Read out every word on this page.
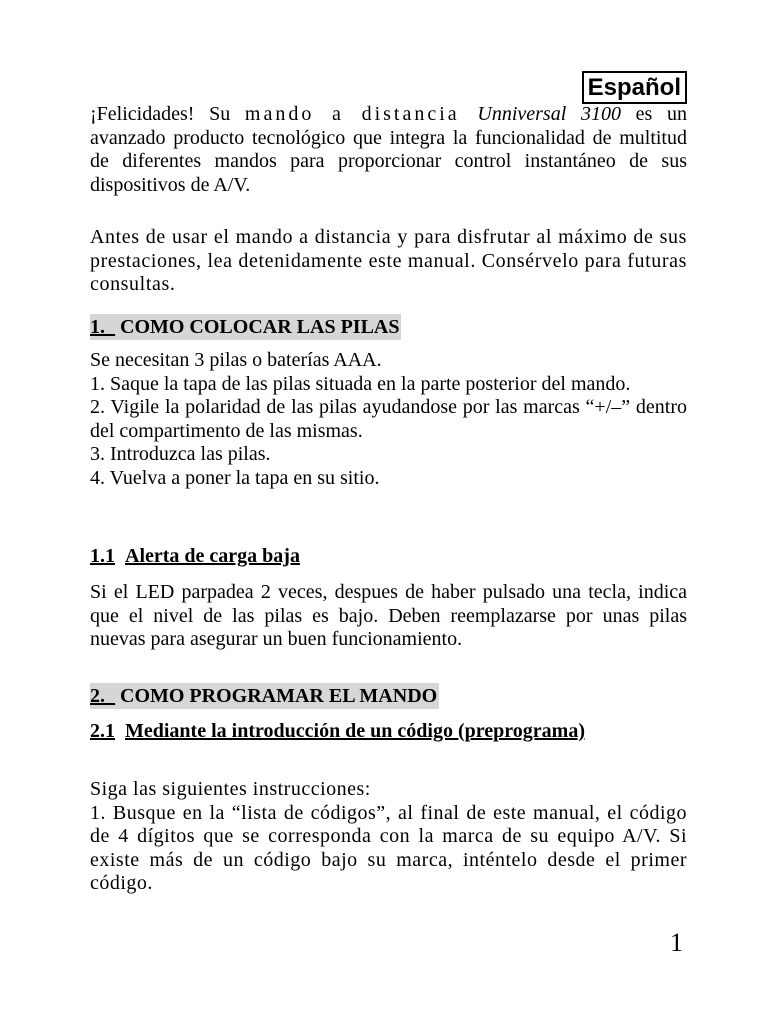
Español

¡Felicidades! Su mando a distancia Unniversal 3100 es un avanzado producto tecnológico que integra la funcionalidad de multitud de diferentes mandos para proporcionar control instantáneo de sus dispositivos de A/V.

Antes de usar el mando a distancia y para disfrutar al máximo de sus prestaciones, lea detenidamente este manual. Consérvelo para futuras consultas.

1._ COMO COLOCAR LAS PILAS

Se necesitan 3 pilas o baterías AAA.

1. Saque la tapa de las pilas situada en la parte posterior del mando.

2. Vigile la polaridad de las pilas ayudandose por las marcas “+/–” dentro del compartimento de las mismas.

3. Introduzca las pilas.

4. Vuelva a poner la tapa en su sitio.

1.1 Alerta de carga baja

Si el LED parpadea 2 veces, despues de haber pulsado una tecla, indica que el nivel de las pilas es bajo. Deben reemplazarse por unas pilas nuevas para asegurar un buen funcionamiento.

2._ COMO PROGRAMAR EL MANDO
2.1 Mediante la introducción de un código (preprograma)

Siga las siguientes instrucciones:

1. Busque en la “lista de códigos”, al final de este manual, el código de 4 dígitos que se corresponda con la marca de su equipo A/V. Si existe más de un código bajo su marca, inténtelo desde el primer código.

1
